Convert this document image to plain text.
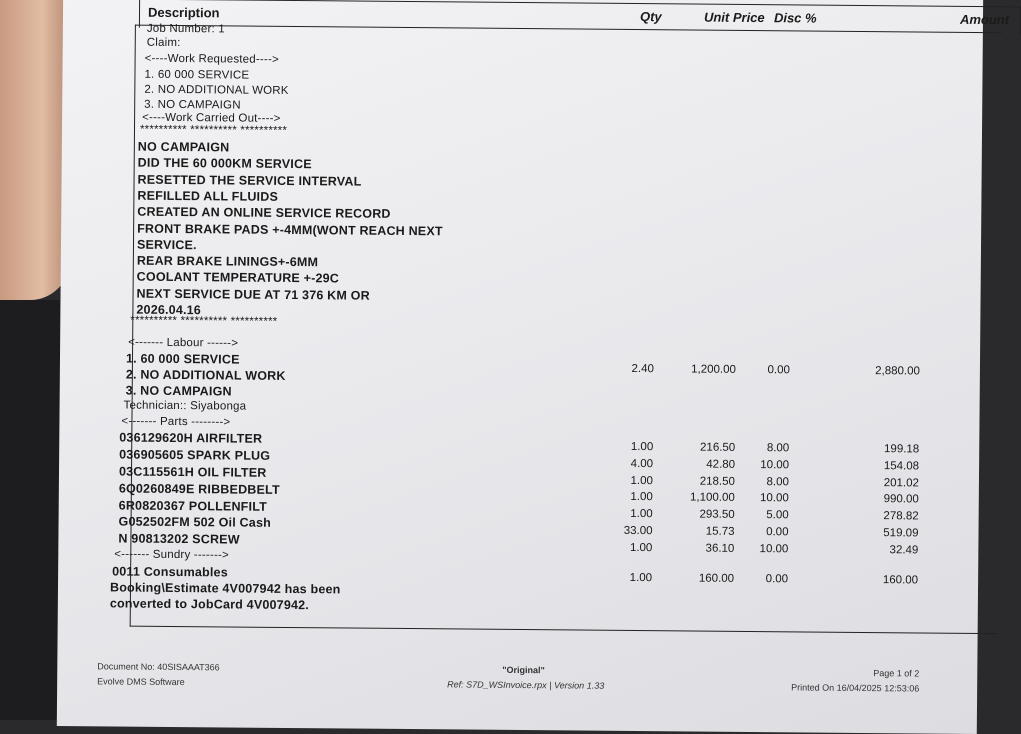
Description	Qty	Unit Price Disc %	Amount
Job Number: 1
Claim:
<----Work Requested---->
1. 60 000 SERVICE
2. NO ADDITIONAL WORK
3. NO CAMPAIGN
<----Work Carried Out---->
********** ********** **********
NO CAMPAIGN
DID THE 60 000KM SERVICE
RESETTED THE SERVICE INTERVAL
REFILLED ALL FLUIDS
CREATED AN ONLINE SERVICE RECORD
FRONT BRAKE PADS +-4MM(WONT REACH NEXT
SERVICE.
REAR BRAKE LININGS+-6MM
COOLANT TEMPERATURE +-29C
NEXT SERVICE DUE AT 71 376 KM OR
2026.04.16
********** ********** **********
<------- Labour ------>
1. 60 000 SERVICE
2. NO ADDITIONAL WORK
3. NO CAMPAIGN
2.40	1,200.00	0.00	2,880.00
Technician:: Siyabonga
<------- Parts -------->
036129620H AIRFILTER
1.00	216.50	8.00	199.18
036905605 SPARK PLUG
4.00	42.80 10.00	154.08
03C115561H OIL FILTER
1.00	218.50	8.00	201.02
6Q0260849E RIBBEDBELT
1.00	1,100.00 10.00	990.00
6R0820367 POLLENFILT
1.00	293.50	5.00	278.82
G052502FM 502 Oil Cash
33.00	15.73	0.00	519.09
N 90813202 SCREW
1.00	36.10 10.00	32.49
<------- Sundry ------->
0011 Consumables	1.00	160.00	0.00	160.00
Booking\Estimate 4V007942 has been
converted to JobCard 4V007942.
Document No: 40SISAAAT366
Evolve DMS Software
"Original"
Ref: S7D_WSInvoice.rpx | Version 1.33
Page 1 of 2
Printed On 16/04/2025 12:53:06
